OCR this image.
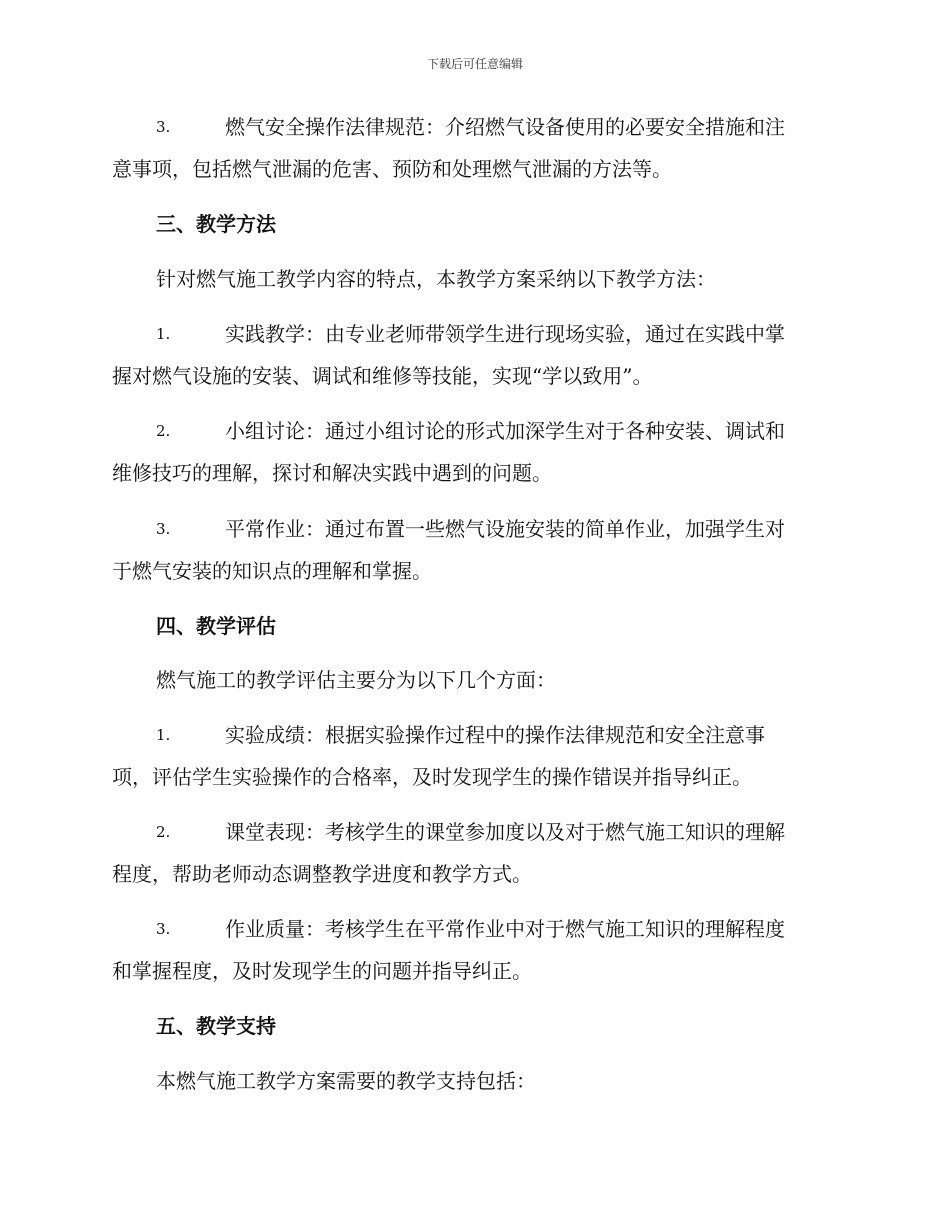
下载后可任意编辑
3.	燃气安全操作法律规范：介绍燃气设备使用的必要安全措施和注
意事项，包括燃气泄漏的危害、预防和处理燃气泄漏的方法等。
三、教学方法
针对燃气施工教学内容的特点，本教学方案采纳以下教学方法：
1.	实践教学：由专业老师带领学生进行现场实验，通过在实践中掌
握对燃气设施的安装、调试和维修等技能，实现“学以致用”。
2.	小组讨论：通过小组讨论的形式加深学生对于各种安装、调试和
维修技巧的理解，探讨和解决实践中遇到的问题。
3.	平常作业：通过布置一些燃气设施安装的简单作业，加强学生对
于燃气安装的知识点的理解和掌握。
四、教学评估
燃气施工的教学评估主要分为以下几个方面：
1.	实验成绩：根据实验操作过程中的操作法律规范和安全注意事
项，评估学生实验操作的合格率，及时发现学生的操作错误并指导纠正。
2.	课堂表现：考核学生的课堂参加度以及对于燃气施工知识的理解
程度，帮助老师动态调整教学进度和教学方式。
3.	作业质量：考核学生在平常作业中对于燃气施工知识的理解程度
和掌握程度，及时发现学生的问题并指导纠正。
五、教学支持
本燃气施工教学方案需要的教学支持包括：
